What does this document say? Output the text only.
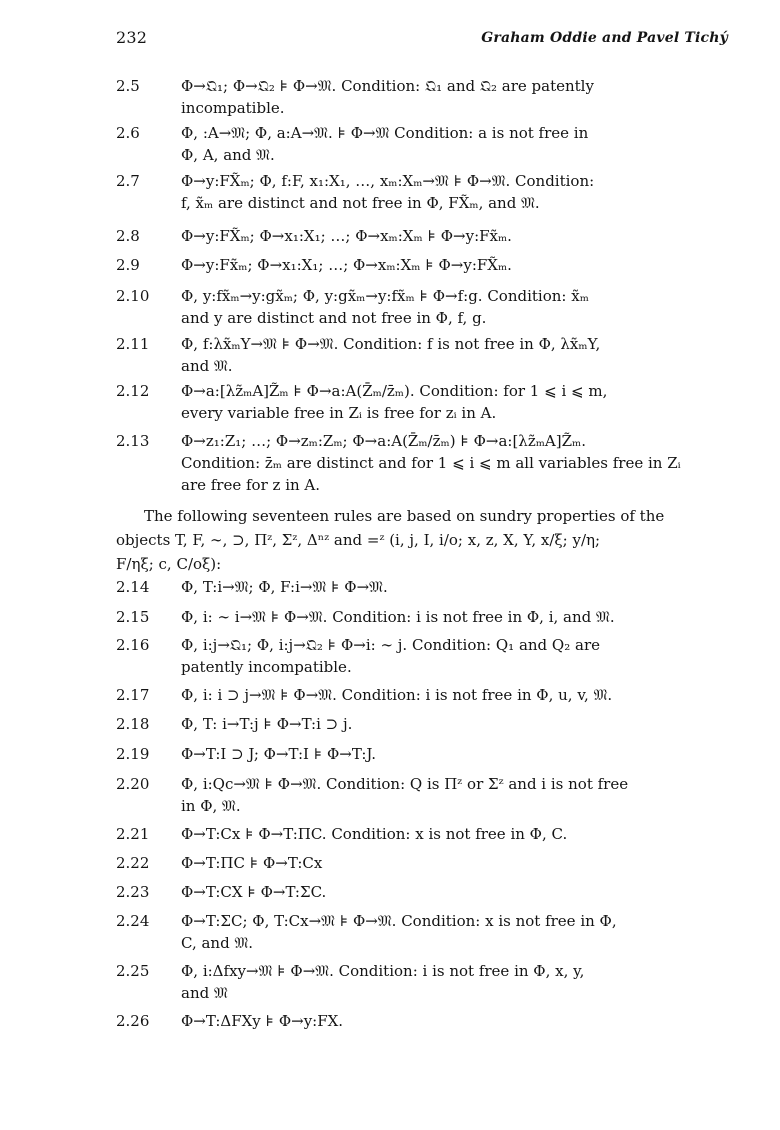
232	Graham Oddie and Pavel Tichý
2.5	Φ→𝔔₁; Φ→𝔔₂ ⊧ Φ→𝔐. Condition: 𝔔₁ and 𝔔₂ are patently
incompatible.
2.6	Φ, :A→𝔐; Φ, a:A→𝔐. ⊧ Φ→𝔐 Condition: a is not free in
Φ, A, and 𝔐.
2.7	Φ→y:FX̃ₘ; Φ, f:F, x₁:X₁, …, xₘ:Xₘ→𝔐 ⊧ Φ→𝔐. Condition:
f, x̃ₘ are distinct and not free in Φ, FX̃ₘ, and 𝔐.
2.8	Φ→y:FX̃ₘ; Φ→x₁:X₁; …; Φ→xₘ:Xₘ ⊧ Φ→y:Fx̃ₘ.
2.9	Φ→y:Fx̃ₘ; Φ→x₁:X₁; …; Φ→xₘ:Xₘ ⊧ Φ→y:FX̃ₘ.
2.10 Φ, y:fx̃ₘ→y:gx̃ₘ; Φ, y:gx̃ₘ→y:fx̃ₘ ⊧ Φ→f:g. Condition: x̃ₘ
and y are distinct and not free in Φ, f, g.
2.11 Φ, f:λx̃ₘY→𝔐 ⊧ Φ→𝔐. Condition: f is not free in Φ, λx̃ₘY,
and 𝔐.
2.12 Φ→a:[λz̃ₘA]Z̃ₘ ⊧ Φ→a:A(Z̄ₘ/z̄ₘ). Condition: for 1 ⩽ i ⩽ m,
every variable free in Zᵢ is free for zᵢ in A.
2.13 Φ→z₁:Z₁; …; Φ→zₘ:Zₘ; Φ→a:A(Z̄ₘ/z̄ₘ) ⊧ Φ→a:[λz̃ₘA]Z̃ₘ.
Condition: z̄ₘ are distinct and for 1 ⩽ i ⩽ m all variables free in Zᵢ
are free for z in A.
The following seventeen rules are based on sundry properties of the
objects T, F, ∼, ⊃, Πᶻ, Σᶻ, Δⁿᶻ and =ᶻ (i, j, I, i/o; x, z, X, Y, x/ξ; y/η;
F/ηξ; c, C/oξ):
2.14 Φ, T:i→𝔐; Φ, F:i→𝔐 ⊧ Φ→𝔐.
2.15 Φ, i: ∼ i→𝔐 ⊧ Φ→𝔐. Condition: i is not free in Φ, i, and 𝔐.
2.16 Φ, i:j→𝔔₁; Φ, i:j→𝔔₂ ⊧ Φ→i: ∼ j. Condition: Q₁ and Q₂ are
patently incompatible.
2.17 Φ, i: i ⊃ j→𝔐 ⊧ Φ→𝔐. Condition: i is not free in Φ, u, v, 𝔐.
2.18 Φ, T: i→T:j ⊧ Φ→T:i ⊃ j.
2.19 Φ→T:I ⊃ J; Φ→T:I ⊧ Φ→T:J.
2.20 Φ, i:Qc→𝔐 ⊧ Φ→𝔐. Condition: Q is Πᶻ or Σᶻ and i is not free
in Φ, 𝔐.
2.21 Φ→T:Cx ⊧ Φ→T:ΠC. Condition: x is not free in Φ, C.
2.22 Φ→T:ΠC ⊧ Φ→T:Cx
2.23 Φ→T:CX ⊧ Φ→T:ΣC.
2.24 Φ→T:ΣC; Φ, T:Cx→𝔐 ⊧ Φ→𝔐. Condition: x is not free in Φ,
C, and 𝔐.
2.25 Φ, i:Δfxy→𝔐 ⊧ Φ→𝔐. Condition: i is not free in Φ, x, y,
and 𝔐
2.26 Φ→T:ΔFXy ⊧ Φ→y:FX.
